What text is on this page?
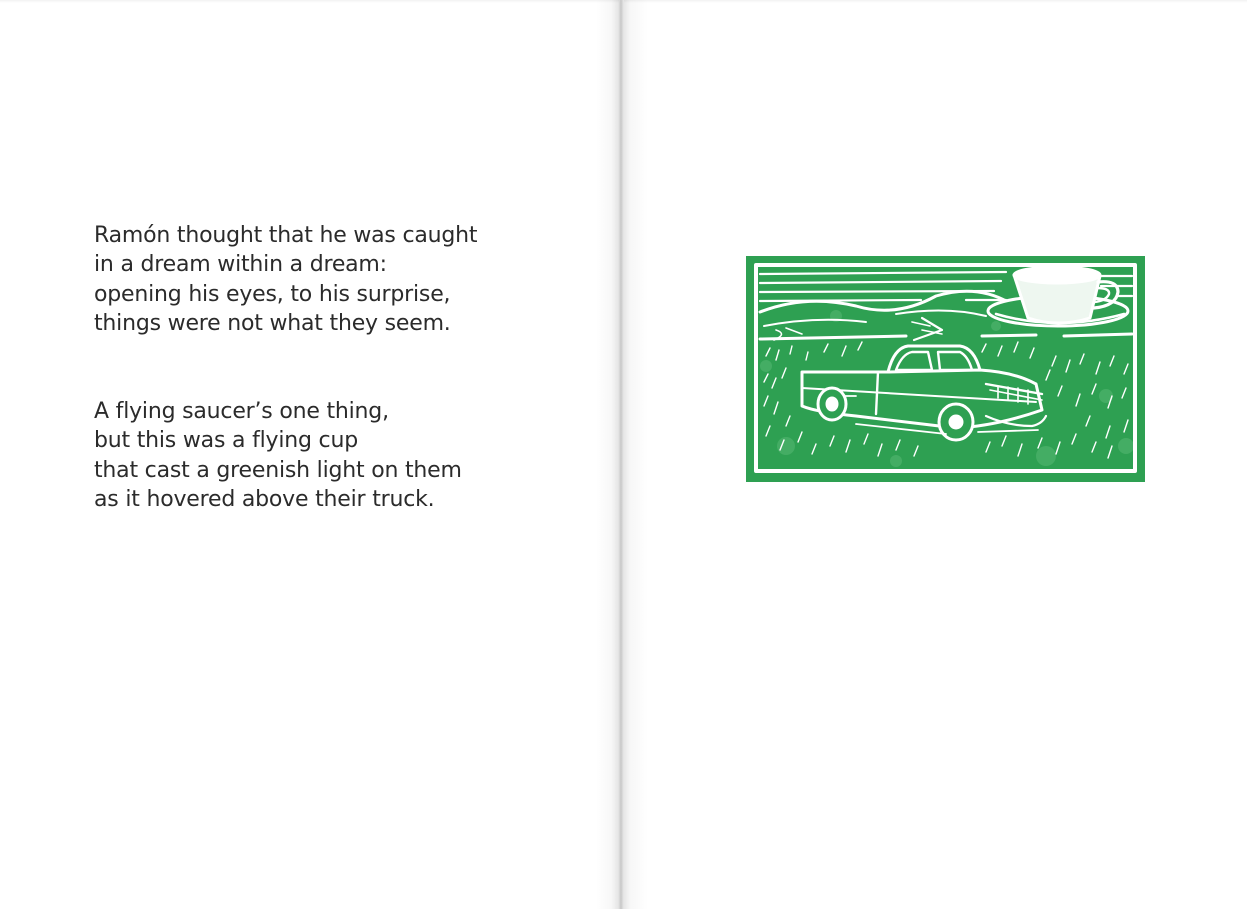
Ramón thought that he was caught
in a dream within a dream:
opening his eyes, to his surprise,
things were not what they seem.

A flying saucer’s one thing,
but this was a flying cup
that cast a greenish light on them
as it hovered above their truck.
